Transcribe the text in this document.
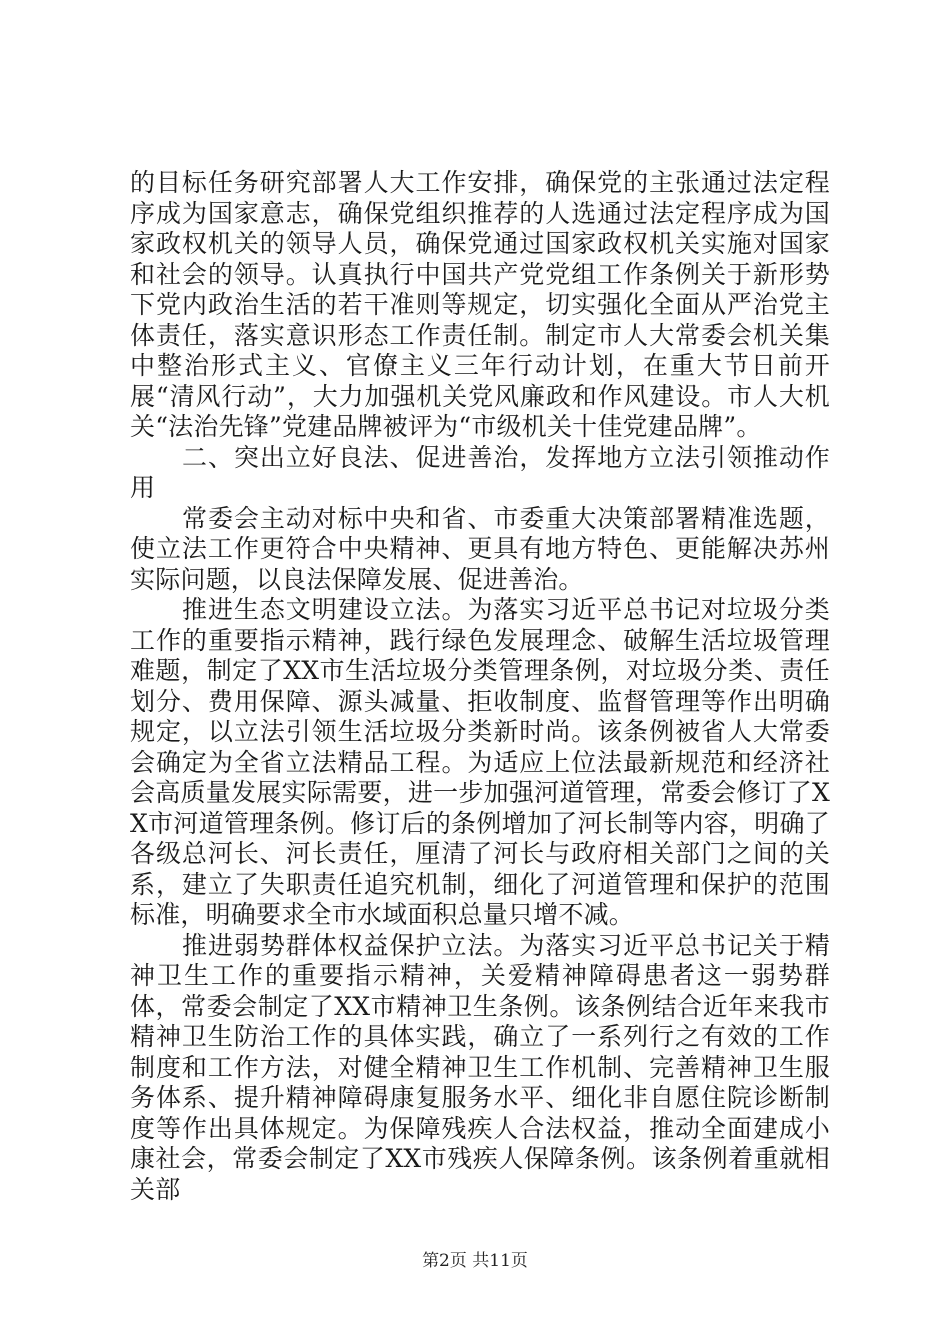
的目标任务研究部署人大工作安排，确保党的主张通过法定程序成为国家意志，确保党组织推荐的人选通过法定程序成为国家政权机关的领导人员，确保党通过国家政权机关实施对国家和社会的领导。认真执行中国共产党党组工作条例关于新形势下党内政治生活的若干准则等规定，切实强化全面从严治党主体责任，落实意识形态工作责任制。制定市人大常委会机关集中整治形式主义、官僚主义三年行动计划，在重大节日前开展“清风行动”，大力加强机关党风廉政和作风建设。市人大机关“法治先锋”党建品牌被评为“市级机关十佳党建品牌”。

二、突出立好良法、促进善治，发挥地方立法引领推动作用

常委会主动对标中央和省、市委重大决策部署精准选题，使立法工作更符合中央精神、更具有地方特色、更能解决苏州实际问题，以良法保障发展、促进善治。

推进生态文明建设立法。为落实习近平总书记对垃圾分类工作的重要指示精神，践行绿色发展理念、破解生活垃圾管理难题，制定了XX市生活垃圾分类管理条例，对垃圾分类、责任划分、费用保障、源头减量、拒收制度、监督管理等作出明确规定，以立法引领生活垃圾分类新时尚。该条例被省人大常委会确定为全省立法精品工程。为适应上位法最新规范和经济社会高质量发展实际需要，进一步加强河道管理，常委会修订了XX市河道管理条例。修订后的条例增加了河长制等内容，明确了各级总河长、河长责任，厘清了河长与政府相关部门之间的关系，建立了失职责任追究机制，细化了河道管理和保护的范围标准，明确要求全市水域面积总量只增不减。

推进弱势群体权益保护立法。为落实习近平总书记关于精神卫生工作的重要指示精神，关爱精神障碍患者这一弱势群体，常委会制定了XX市精神卫生条例。该条例结合近年来我市精神卫生防治工作的具体实践，确立了一系列行之有效的工作制度和工作方法，对健全精神卫生工作机制、完善精神卫生服务体系、提升精神障碍康复服务水平、细化非自愿住院诊断制度等作出具体规定。为保障残疾人合法权益，推动全面建成小康社会，常委会制定了XX市残疾人保障条例。该条例着重就相关部

第2页 共11页
